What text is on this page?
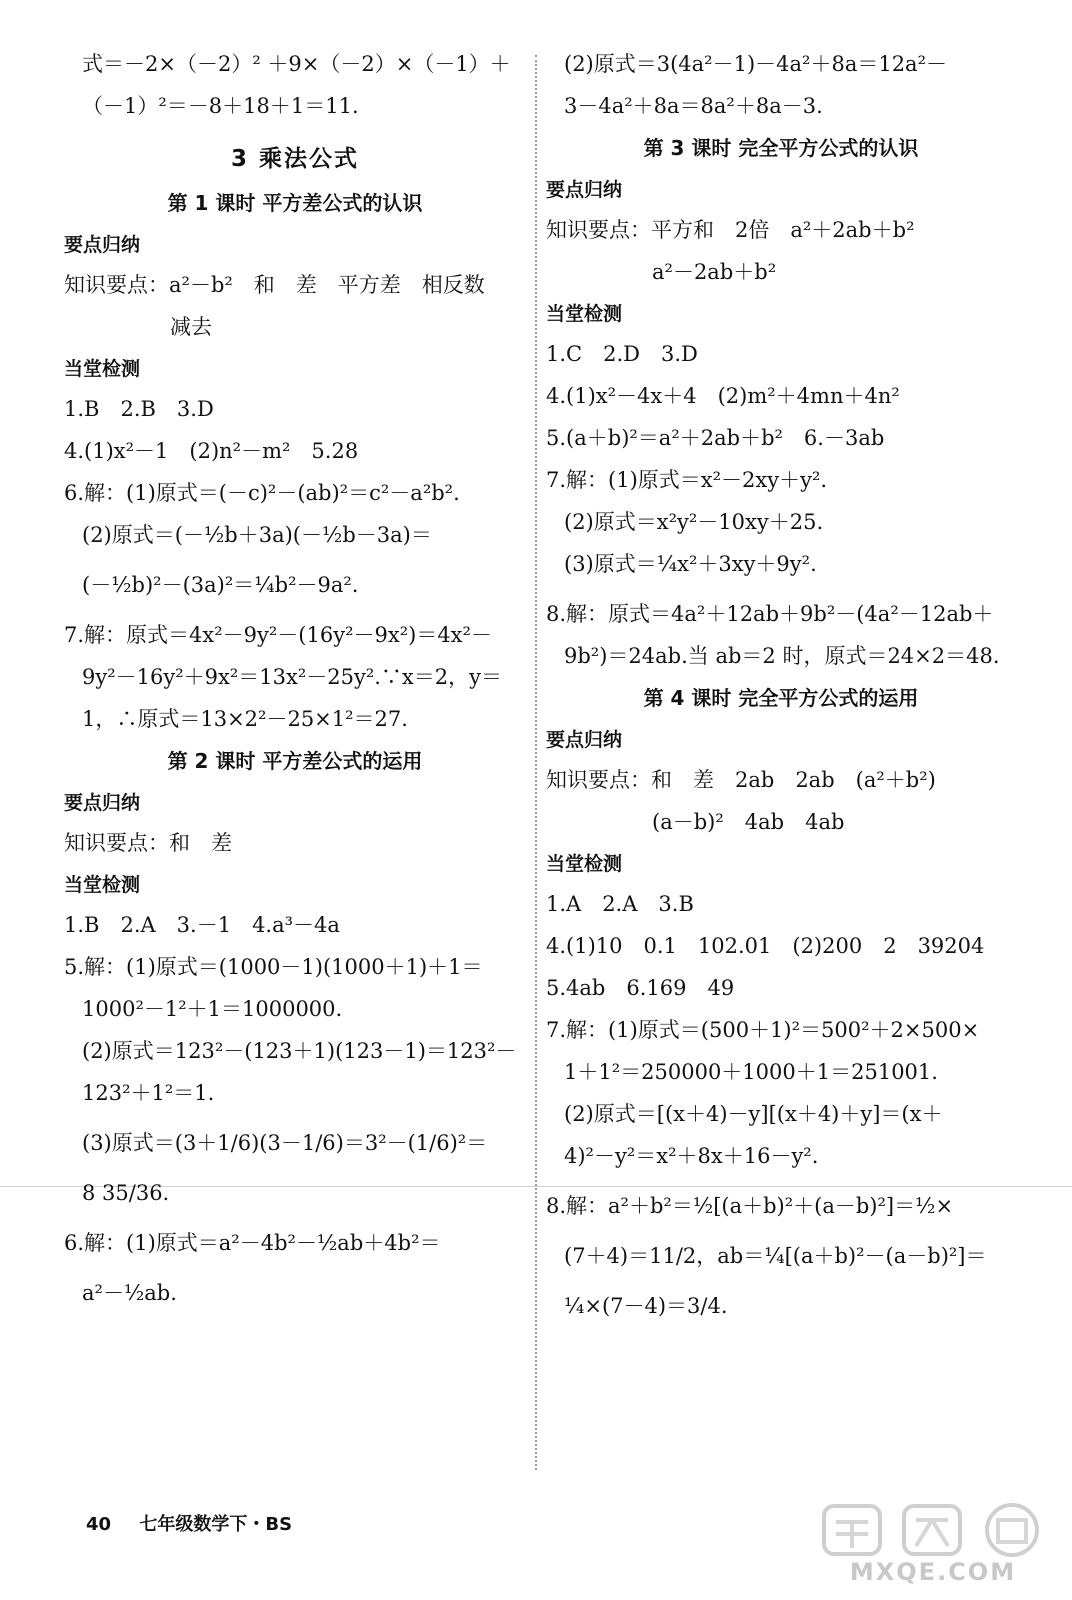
式＝－2×（－2）² ＋9×（－2）×（－1）＋
（－1）²＝－8＋18＋1＝11.
3 乘法公式
第 1 课时 平方差公式的认识
要点归纳
知识要点：a²－b²　和　差　平方差　相反数
减去
当堂检测
1.B　2.B　3.D
4.(1)x²－1　(2)n²－m²　5.28
6.解：(1)原式＝(－c)²－(ab)²＝c²－a²b².
(2)原式＝(－½b＋3a)(－½b－3a)＝
(－½b)²－(3a)²＝¼b²－9a².
7.解：原式＝4x²－9y²－(16y²－9x²)＝4x²－
9y²－16y²＋9x²＝13x²－25y².∵x＝2，y＝
1，∴原式＝13×2²－25×1²＝27.
第 2 课时 平方差公式的运用
要点归纳
知识要点：和　差
当堂检测
1.B　2.A　3.－1　4.a³－4a
5.解：(1)原式＝(1000－1)(1000＋1)＋1＝
1000²－1²＋1＝1000000.
(2)原式＝123²－(123＋1)(123－1)＝123²－
123²＋1²＝1.
(3)原式＝(3＋1/6)(3－1/6)＝3²－(1/6)²＝
8 35/36.
6.解：(1)原式＝a²－4b²－½ab＋4b²＝
a²－½ab.
(2)原式＝3(4a²－1)－4a²＋8a＝12a²－
3－4a²＋8a＝8a²＋8a－3.
第 3 课时 完全平方公式的认识
要点归纳
知识要点：平方和　2倍　a²＋2ab＋b²
a²－2ab＋b²
当堂检测
1.C　2.D　3.D
4.(1)x²－4x＋4　(2)m²＋4mn＋4n²
5.(a＋b)²＝a²＋2ab＋b²　6.－3ab
7.解：(1)原式＝x²－2xy＋y².
(2)原式＝x²y²－10xy＋25.
(3)原式＝¼x²＋3xy＋9y².
8.解：原式＝4a²＋12ab＋9b²－(4a²－12ab＋
9b²)＝24ab.当 ab＝2 时，原式＝24×2＝48.
第 4 课时 完全平方公式的运用
要点归纳
知识要点：和　差　2ab　2ab　(a²＋b²)
(a－b)²　4ab　4ab
当堂检测
1.A　2.A　3.B
4.(1)10　0.1　102.01　(2)200　2　39204
5.4ab　6.169　49
7.解：(1)原式＝(500＋1)²＝500²＋2×500×
1＋1²＝250000＋1000＋1＝251001.
(2)原式＝[(x＋4)－y][(x＋4)＋y]＝(x＋
4)²－y²＝x²＋8x＋16－y².
8.解：a²＋b²＝½[(a＋b)²＋(a－b)²]＝½×
(7＋4)＝11/2，ab＝¼[(a＋b)²－(a－b)²]＝
¼×(7－4)＝3/4.
40 七年级数学下・BS
MXQE.COM
